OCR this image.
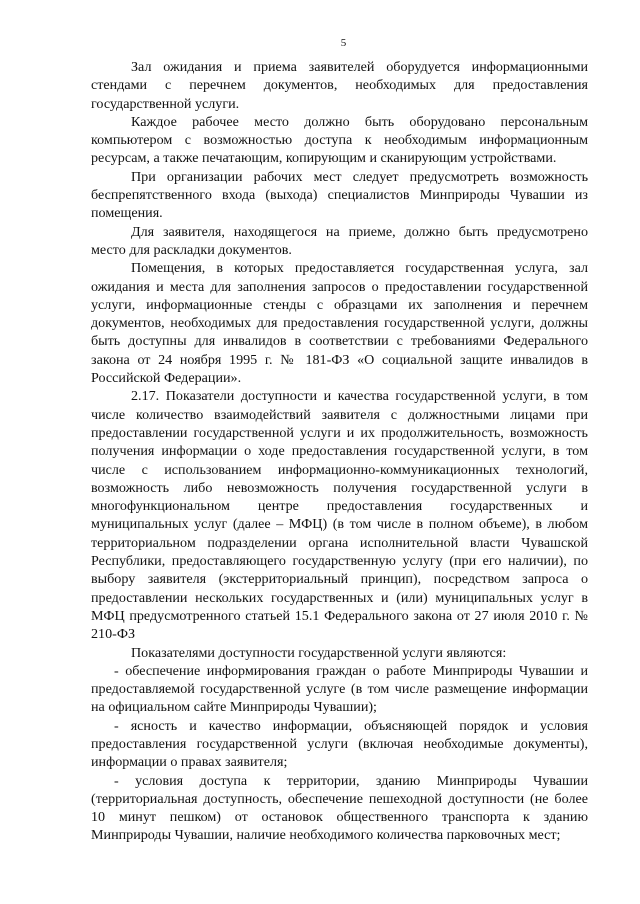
5

Зал ожидания и приема заявителей оборудуется информационными стендами с перечнем документов, необходимых для предоставления государственной услуги.

Каждое рабочее место должно быть оборудовано персональным компьютером с возможностью доступа к необходимым информационным ресурсам, а также печатающим, копирующим и сканирующим устройствами.

При организации рабочих мест следует предусмотреть возможность беспрепятственного входа (выхода) специалистов Минприроды Чувашии из помещения.

Для заявителя, находящегося на приеме, должно быть предусмотрено место для раскладки документов.

Помещения, в которых предоставляется государственная услуга, зал ожидания и места для заполнения запросов о предоставлении государственной услуги, информационные стенды с образцами их заполнения и перечнем документов, необходимых для предоставления государственной услуги, должны быть доступны для инвалидов в соответствии с требованиями Федерального закона от 24 ноября 1995 г. № 181-ФЗ «О социальной защите инвалидов в Российской Федерации».

2.17. Показатели доступности и качества государственной услуги, в том числе количество взаимодействий заявителя с должностными лицами при предоставлении государственной услуги и их продолжительность, возможность получения информации о ходе предоставления государственной услуги, в том числе с использованием информационно-коммуникационных технологий, возможность либо невозможность получения государственной услуги в многофункциональном центре предоставления государственных и муниципальных услуг (далее – МФЦ) (в том числе в полном объеме), в любом территориальном подразделении органа исполнительной власти Чувашской Республики, предоставляющего государственную услугу (при его наличии), по выбору заявителя (экстерриториальный принцип), посредством запроса о предоставлении нескольких государственных и (или) муниципальных услуг в МФЦ предусмотренного статьей 15.1 Федерального закона от 27 июля 2010 г. № 210-ФЗ

Показателями доступности государственной услуги являются:

- обеспечение информирования граждан о работе Минприроды Чувашии и предоставляемой государственной услуге (в том числе размещение информации на официальном сайте Минприроды Чувашии);

- ясность и качество информации, объясняющей порядок и условия предоставления государственной услуги (включая необходимые документы), информации о правах заявителя;

- условия доступа к территории, зданию Минприроды Чувашии (территориальная доступность, обеспечение пешеходной доступности (не более 10 минут пешком) от остановок общественного транспорта к зданию Минприроды Чувашии, наличие необходимого количества парковочных мест;
